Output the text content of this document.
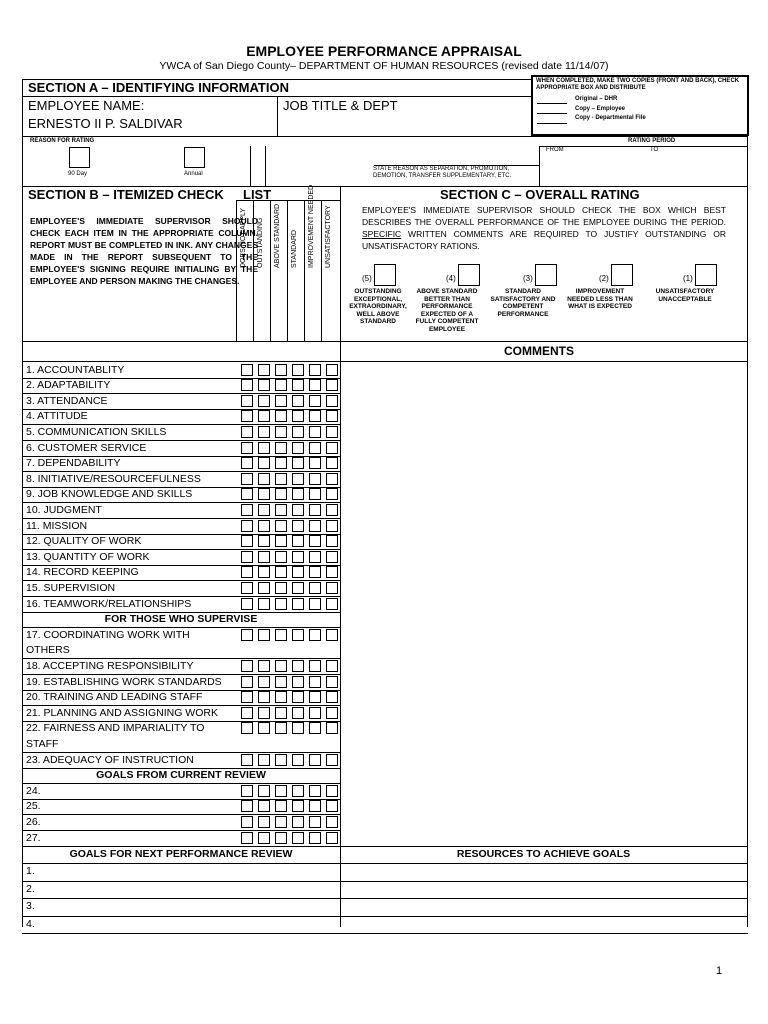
EMPLOYEE PERFORMANCE APPRAISAL
YWCA of San Diego County– DEPARTMENT OF HUMAN RESOURCES (revised date 11/14/07)
WHEN COMPLETED, MAKE TWO COPIES (FRONT AND BACK), CHECK APPROPRIATE BOX AND DISTRIBUTE
Original – DHR
Copy – Employee
Copy - Departmental File
SECTION A – IDENTIFYING INFORMATION
EMPLOYEE NAME:
ERNESTO II P. SALDIVAR
JOB TITLE & DEPT
REASON FOR RATING
90 Day	Annual
STATE REASON AS SEPARATION, PROMOTION, DEMOTION, TRANSFER SUPPLEMENTARY, ETC.
RATING PERIOD
FROM	TO
SECTION B – ITEMIZED CHECK LIST
EMPLOYEE'S IMMEDIATE SUPERVISOR SHOULD CHECK EACH ITEM IN THE APPROPRIATE COLUMN. REPORT MUST BE COMPLETED IN INK. ANY CHANGES MADE IN THE REPORT SUBSEQUENT TO THE EMPLOYEE'S SIGNING REQUIRE INITIALING BY THE EMPLOYEE AND PERSON MAKING THE CHANGES.
DOES NOT APPLY OUTSTANDING ABOVE STANDARD STANDARD IMPROVEMENT NEEDED UNSATISFACTORY
SECTION C – OVERALL RATING
EMPLOYEE'S IMMEDIATE SUPERVISOR SHOULD CHECK THE BOX WHICH BEST DESCRIBES THE OVERALL PERFORMANCE OF THE EMPLOYEE DURING THE PERIOD. SPECIFIC WRITTEN COMMENTS ARE REQUIRED TO JUSTIFY OUTSTANDING OR UNSATISFACTORY RATIONS.
(5)
OUTSTANDING EXCEPTIONAL, EXTRAORDINARY, WELL ABOVE STANDARD
(4)
ABOVE STANDARD BETTER THAN PERFORMANCE EXPECTED OF A FULLY COMPETENT EMPLOYEE
(3)
STANDARD SATISFACTORY AND COMPETENT PERFORMANCE
(2)
IMPROVEMENT NEEDED LESS THAN WHAT IS EXPECTED
(1)
UNSATISFACTORY UNACCEPTABLE
COMMENTS
1. ACCOUNTABLITY
2. ADAPTABILITY
3. ATTENDANCE
4. ATTITUDE
5. COMMUNICATION SKILLS
6. CUSTOMER SERVICE
7. DEPENDABILITY
8. INITIATIVE/RESOURCEFULNESS
9. JOB KNOWLEDGE AND SKILLS
10. JUDGMENT
11. MISSION
12. QUALITY OF WORK
13. QUANTITY OF WORK
14. RECORD KEEPING
15. SUPERVISION
16. TEAMWORK/RELATIONSHIPS
FOR THOSE WHO SUPERVISE
17. COORDINATING WORK WITH
OTHERS
18. ACCEPTING RESPONSIBILITY
19. ESTABLISHING WORK STANDARDS
20. TRAINING AND LEADING STAFF
21. PLANNING AND ASSIGNING WORK
22. FAIRNESS AND IMPARIALITY TO
STAFF
23. ADEQUACY OF INSTRUCTION
GOALS FROM CURRENT REVIEW
24.
25.
26.
27.
GOALS FOR NEXT PERFORMANCE REVIEW	RESOURCES TO ACHIEVE GOALS
1.
2.
3.
4.
1
